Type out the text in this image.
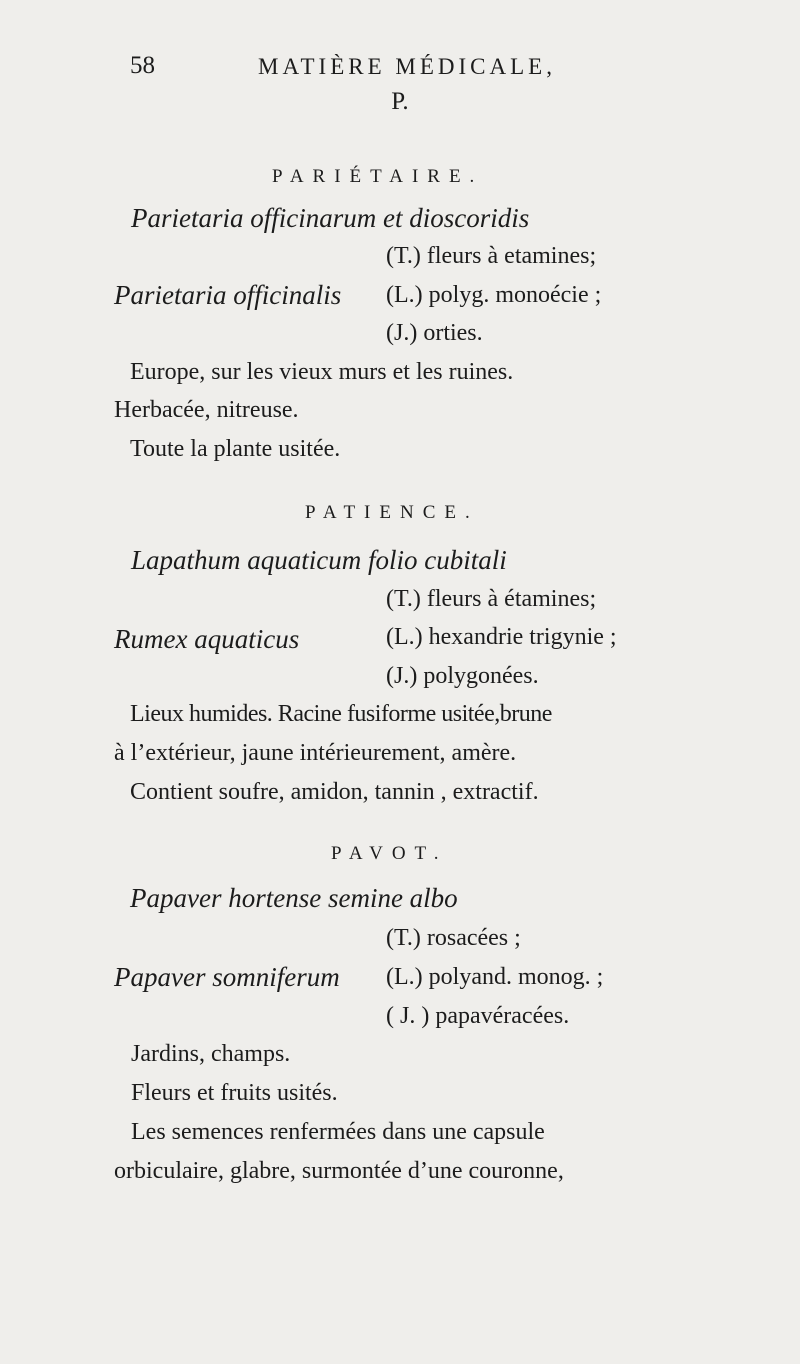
58	MATIÈRE MÉDICALE,
P.
PARIÉTAIRE.
Parietaria officinarum et dioscoridis
(T.) fleurs à etamines;
Parietaria officinalis (L.) polyg. monoécie ;
(J.) orties.
Europe, sur les vieux murs et les ruines.
Herbacée, nitreuse.
Toute la plante usitée.
PATIENCE.
Lapathum aquaticum folio cubitali
(T.) fleurs à étamines;
Rumex aquaticus	(L.) hexandrie trigynie ;
(J.) polygonées.
Lieux humides. Racine fusiforme usitée,brune
à l’extérieur, jaune intérieurement, amère.
Contient soufre, amidon, tannin , extractif.
PAVOT.
Papaver hortense semine albo
(T.) rosacées ;
Papaver somniferum (L.) polyand. monog. ;
( J. ) papavéracées.
Jardins, champs.
Fleurs et fruits usités.
Les semences renfermées dans une capsule
orbiculaire, glabre, surmontée d’une couronne,
